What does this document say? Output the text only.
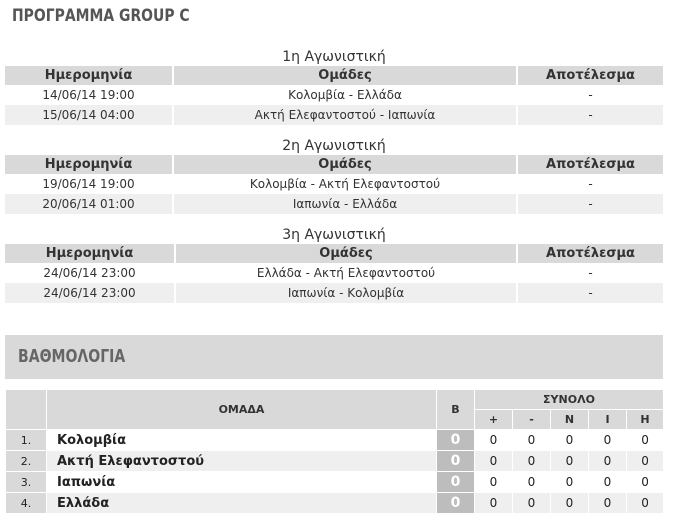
ΠΡΟΓΡΑΜΜΑ GROUP C
1η Αγωνιστική
Ημερομηνία	Ομάδες	Αποτέλεσμα
14/06/14 19:00	Κολομβία - Ελλάδα	-
15/06/14 04:00	Ακτή Ελεφαντοστού - Ιαπωνία	-
2η Αγωνιστική
Ημερομηνία	Ομάδες	Αποτέλεσμα
19/06/14 19:00	Κολομβία - Ακτή Ελεφαντοστού	-
20/06/14 01:00	Ιαπωνία - Ελλάδα	-
3η Αγωνιστική
Ημερομηνία	Ομάδες	Αποτέλεσμα
24/06/14 23:00	Ελλάδα - Ακτή Ελεφαντοστού	-
24/06/14 23:00	Ιαπωνία - Κολομβία	-
ΒΑΘΜΟΛΟΓΙΑ
	ΟΜΑΔΑ	Β	ΣΥΝΟΛΟ				
			+	-	Ν	Ι	Η
1.	Κολομβία	0	0	0	0	0	0
2.	Ακτή Ελεφαντοστού	0	0	0	0	0	0
3.	Ιαπωνία	0	0	0	0	0	0
4.	Ελλάδα	0	0	0	0	0	0
